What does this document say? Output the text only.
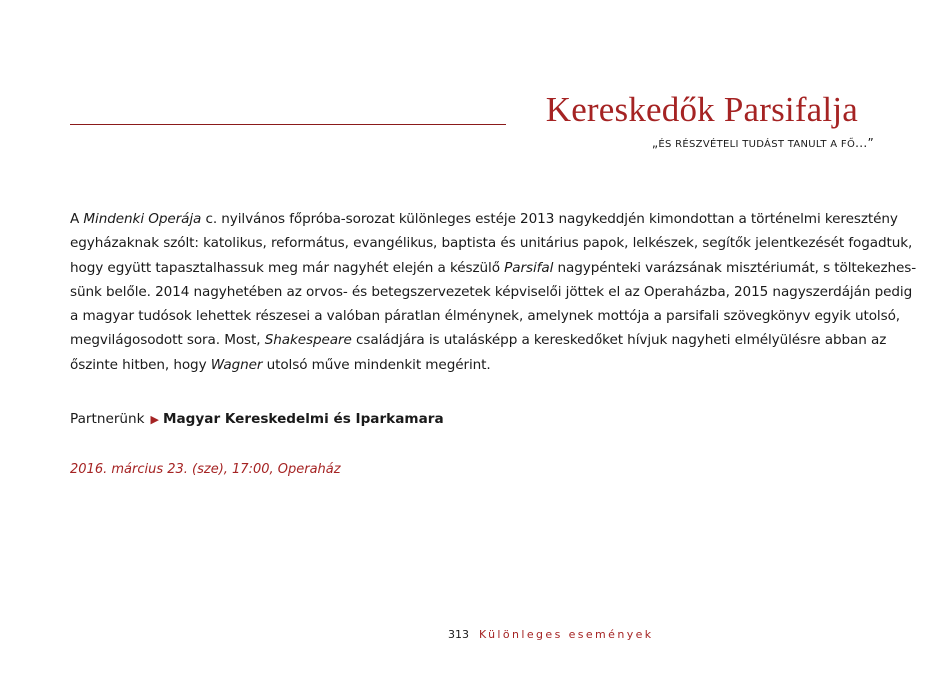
Kereskedők Parsifalja
„ÉS RÉSZVÉTELI TUDÁST TANULT A FŐ...”
A Mindenki Operája c. nyilvános főpróba-sorozat különleges estéje 2013 nagykeddjén kimondottan a történelmi keresztény
egyházaknak szólt: katolikus, református, evangélikus, baptista és unitárius papok, lelkészek, segítők jelentkezését fogadtuk,
hogy együtt tapasztalhassuk meg már nagyhét elején a készülő Parsifal nagypénteki varázsának misztériumát, s töltekezhes-
sünk belőle. 2014 nagyhetében az orvos- és betegszervezetek képviselői jöttek el az Operaházba, 2015 nagyszerdáján pedig
a magyar tudósok lehettek részesei a valóban páratlan élménynek, amelynek mottója a parsifali szövegkönyv egyik utolsó,
megvilágosodott sora. Most, Shakespeare családjára is utalásképp a kereskedőket hívjuk nagyheti elmélyülésre abban az
őszinte hitben, hogy Wagner utolsó műve mindenkit megérint.
Partnerünk ▶ Magyar Kereskedelmi és Iparkamara
2016. március 23. (sze), 17:00, Operaház
313 Különleges események
